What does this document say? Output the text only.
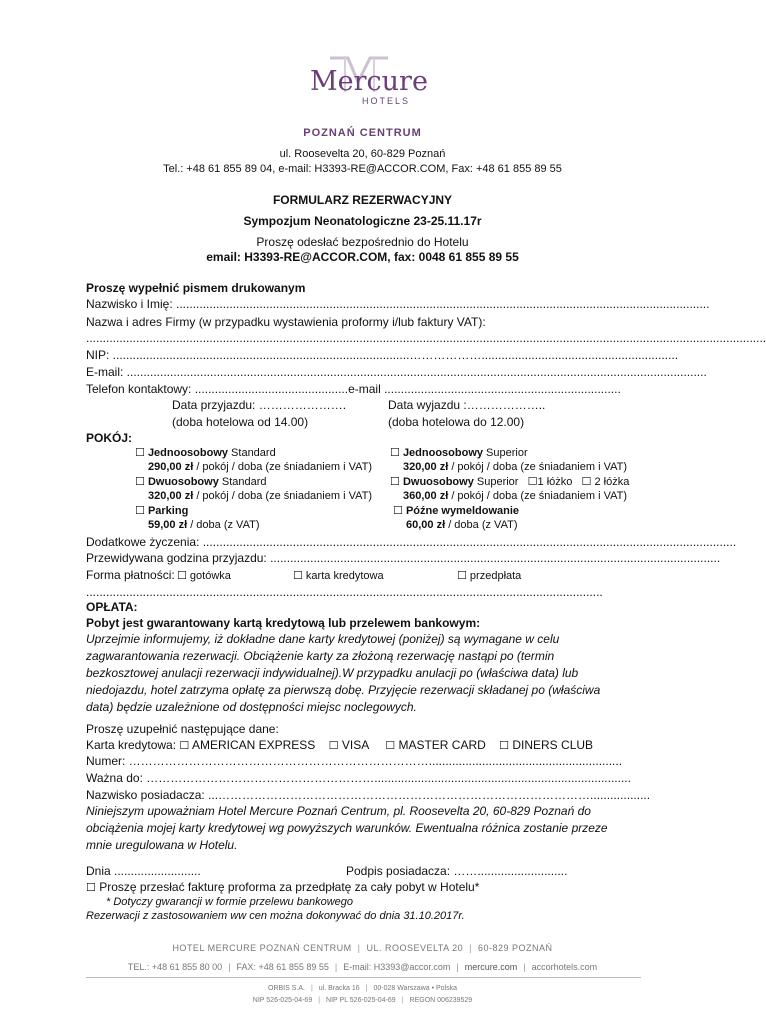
Mercure
HOTELS
POZNAŃ CENTRUM
ul. Roosevelta 20, 60-829 Poznań
Tel.: +48 61 855 89 04, e-mail: H3393-RE@ACCOR.COM, Fax: +48 61 855 89 55
FORMULARZ REZERWACYJNY
Sympozjum Neonatologiczne 23-25.11.17r
Proszę odesłać bezpośrednio do Hotelu
email: H3393-RE@ACCOR.COM, fax: 0048 61 855 89 55
Proszę wypełnić pismem drukowanym
Nazwisko i Imię: ................................................................................................................................................................
Nazwa i adres Firmy (w przypadku wystawienia proformy i/lub faktury VAT):
............................................................................................................................................................................................................
NIP: .........................................................................................………………...........................................................
E-mail: ..............................................................................................................................................................................
Telefon kontaktowy: ..............................................e-mail .......................................................................
Data przyjazdu: ………………….	Data wyjazdu :………………..
(doba hotelowa od 14.00)	(doba hotelowa do 12.00)
POKÓJ:
☐ Jednoosobowy Standard
290,00 zł / pokój / doba (ze śniadaniem i VAT)
☐ Jednoosobowy Superior
320,00 zł / pokój / doba (ze śniadaniem i VAT)
☐ Dwuosobowy Standard
320,00 zł / pokój / doba (ze śniadaniem i VAT)
☐ Dwuosobowy Superior ☐1 łóżko ☐ 2 łóżka
360,00 zł / pokój / doba (ze śniadaniem i VAT)
☐ Parking
59,00 zł / doba (z VAT)
☐ Późne wymeldowanie
60,00 zł / doba (z VAT)
Dodatkowe życzenia: ................................................................................................................................................................
Przewidywana godzina przyjazdu: .......................................................................................................................................
Forma płatności: ☐ gotówka	☐ karta kredytowa	☐ przedpłata
...........................................................................................................................................................
OPŁATA:
Pobyt jest gwarantowany kartą kredytową lub przelewem bankowym:
Uprzejmie informujemy, iż dokładne dane karty kredytowej (poniżej) są wymagane w celu
zagwarantowania rezerwacji. Obciążenie karty za złożoną rezerwację nastąpi po (termin
bezkosztowej anulacji rezerwacji indywidualnej).W przypadku anulacji po (właściwa data) lub
niedojazdu, hotel zatrzyma opłatę za pierwszą dobę. Przyjęcie rezerwacji składanej po (właściwa
data) będzie uzależnione od dostępności miejsc noclegowych.
Proszę uzupełnić następujące dane:
Karta kredytowa: ☐ AMERICAN EXPRESS ☐ VISA ☐ MASTER CARD ☐ DINERS CLUB
Numer: …………………………………………………………………..........................................................
Ważna do: ………………………………………………….............................................................................
Nazwisko posiadacza: ...…………………………………………………………………………………..................
Niniejszym upoważniam Hotel Mercure Poznań Centrum, pl. Roosevelta 20, 60-829 Poznań do
obciążenia mojej karty kredytowej wg powyższych warunków. Ewentualna różnica zostanie przeze
mnie uregulowana w Hotelu.
Dnia ..........................	Podpis posiadacza: ……...........................
☐ Proszę przesłać fakturę proforma za przedpłatę za cały pobyt w Hotelu*
* Dotyczy gwarancji w formie przelewu bankowego
Rezerwacji z zastosowaniem ww cen można dokonywać do dnia 31.10.2017r.
HOTEL MERCURE POZNAŃ CENTRUM | UL. ROOSEVELTA 20 | 60-829 POZNAŃ
TEL.: +48 61 855 80 00 | FAX: +48 61 855 89 55 | E-mail: H3393@accor.com | mercure.com | accorhotels.com
ORBIS S.A. | ul. Bracka 16 | 00-028 Warszawa • Polska
NIP 526-025-04-69 | NIP PL 526-025-04-69 | REGON 006239529
